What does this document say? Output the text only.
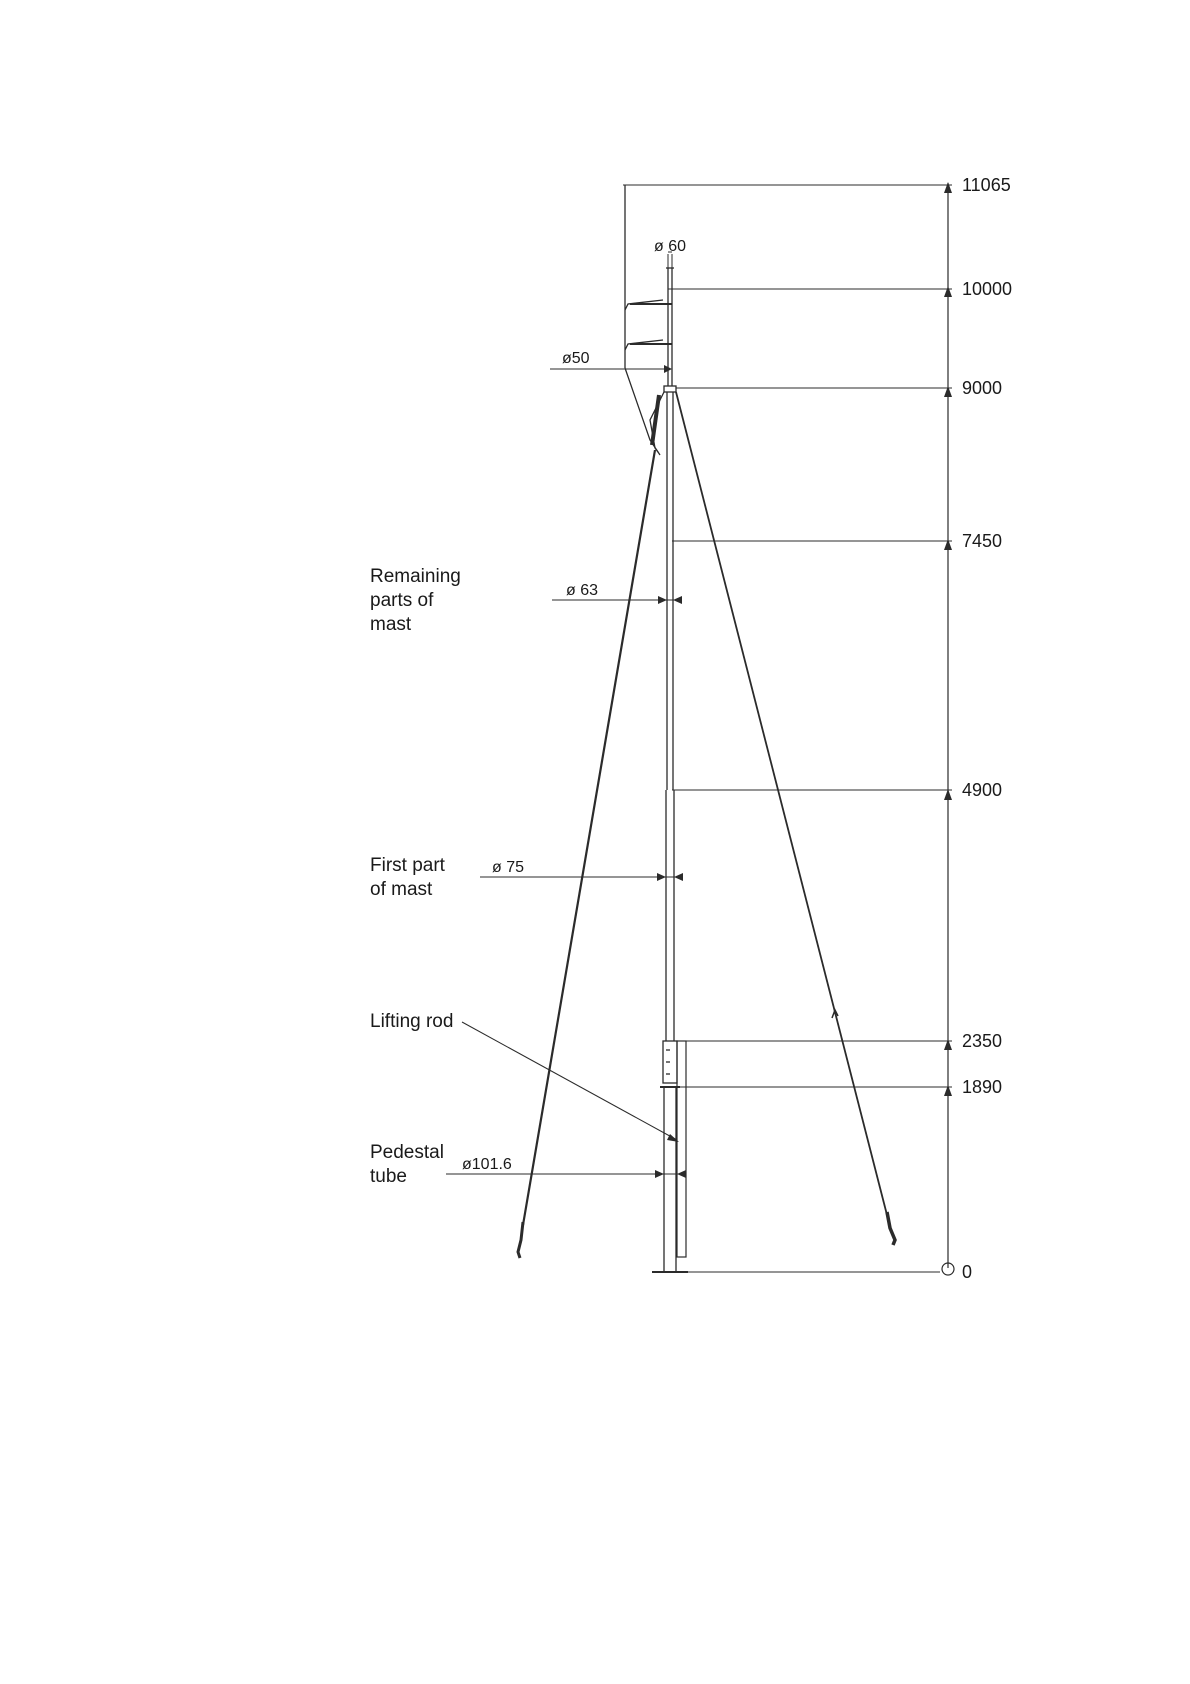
11065
10000
9000
7450
4900
2350
1890
0
ø 60
ø50
ø 63
ø 75
ø101.6
Remaining
parts of
mast
First part
of mast
Lifting rod
Pedestal
tube
